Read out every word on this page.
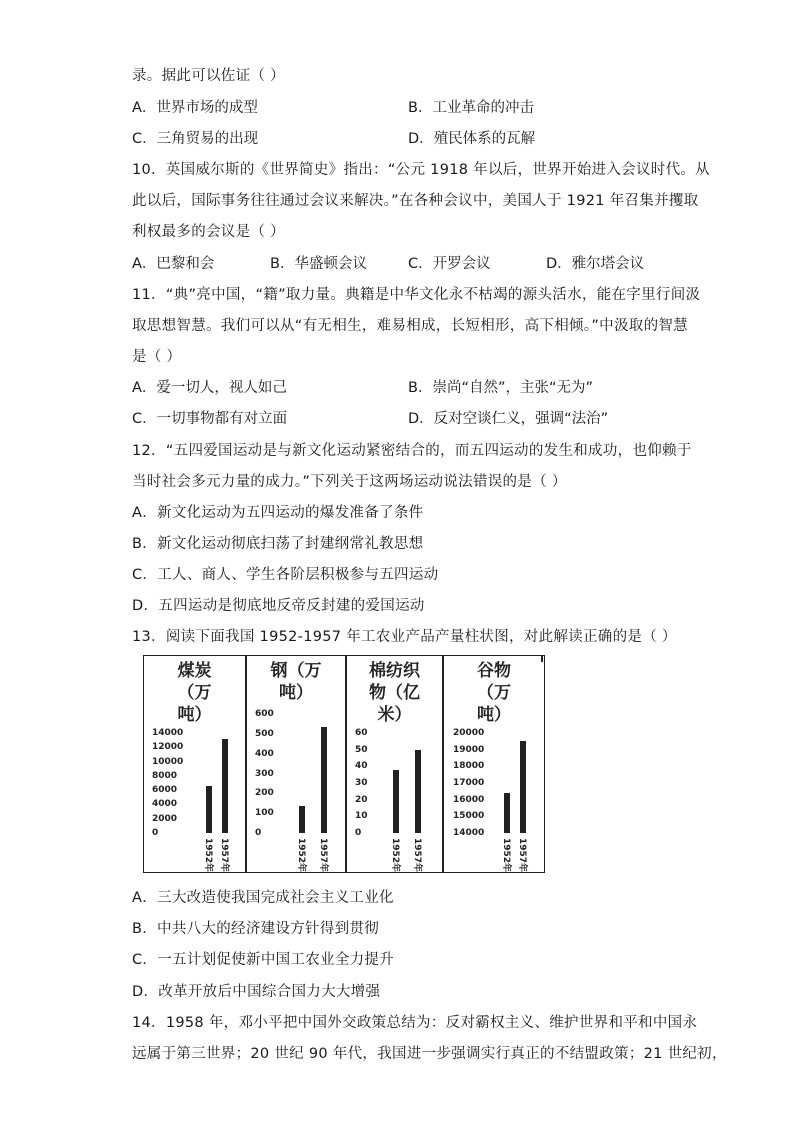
录。据此可以佐证（ ）
A．世界市场的成型	B．工业革命的冲击
C．三角贸易的出现	D．殖民体系的瓦解
10．英国威尔斯的《世界简史》指出：“公元 1918 年以后，世界开始进入会议时代。从
此以后，国际事务往往通过会议来解决。”在各种会议中，美国人于 1921 年召集并攫取
利权最多的会议是（ ）
A．巴黎和会	B．华盛顿会议	C．开罗会议	D．雅尔塔会议
11．“典”亮中国，“籍”取力量。典籍是中华文化永不枯竭的源头活水，能在字里行间汲
取思想智慧。我们可以从“有无相生，难易相成，长短相形，高下相倾。”中汲取的智慧
是（ ）
A．爱一切人，视人如己	B．崇尚“自然”，主张“无为”
C．一切事物都有对立面	D．反对空谈仁义，强调“法治”
12．“五四爱国运动是与新文化运动紧密结合的，而五四运动的发生和成功，也仰赖于
当时社会多元力量的成力。”下列关于这两场运动说法错误的是（ ）
A．新文化运动为五四运动的爆发准备了条件
B．新文化运动彻底扫荡了封建纲常礼教思想
C．工人、商人、学生各阶层积极参与五四运动
D．五四运动是彻底地反帝反封建的爱国运动
13．阅读下面我国 1952-1957 年工农业产品产量柱状图，对此解读正确的是（ ）
煤炭
（万
吨）
14000
12000
10000
8000
6000
4000
2000
0
1952年 1957年
钢（万
吨）
600
500
400
300
200
100
0
1952年	1957年
棉纺织
物（亿
米）
60
50
40
30
20
10
0
1952年	1957年
谷物
（万
吨）
20000
19000
18000
17000
16000
15000
14000
1952年 1957年
A．三大改造使我国完成社会主义工业化
B．中共八大的经济建设方针得到贯彻
C．一五计划促使新中国工农业全力提升
D．改革开放后中国综合国力大大增强
14．1958 年，邓小平把中国外交政策总结为：反对霸权主义、维护世界和平和中国永
远属于第三世界；20 世纪 90 年代，我国进一步强调实行真正的不结盟政策；21 世纪初，
